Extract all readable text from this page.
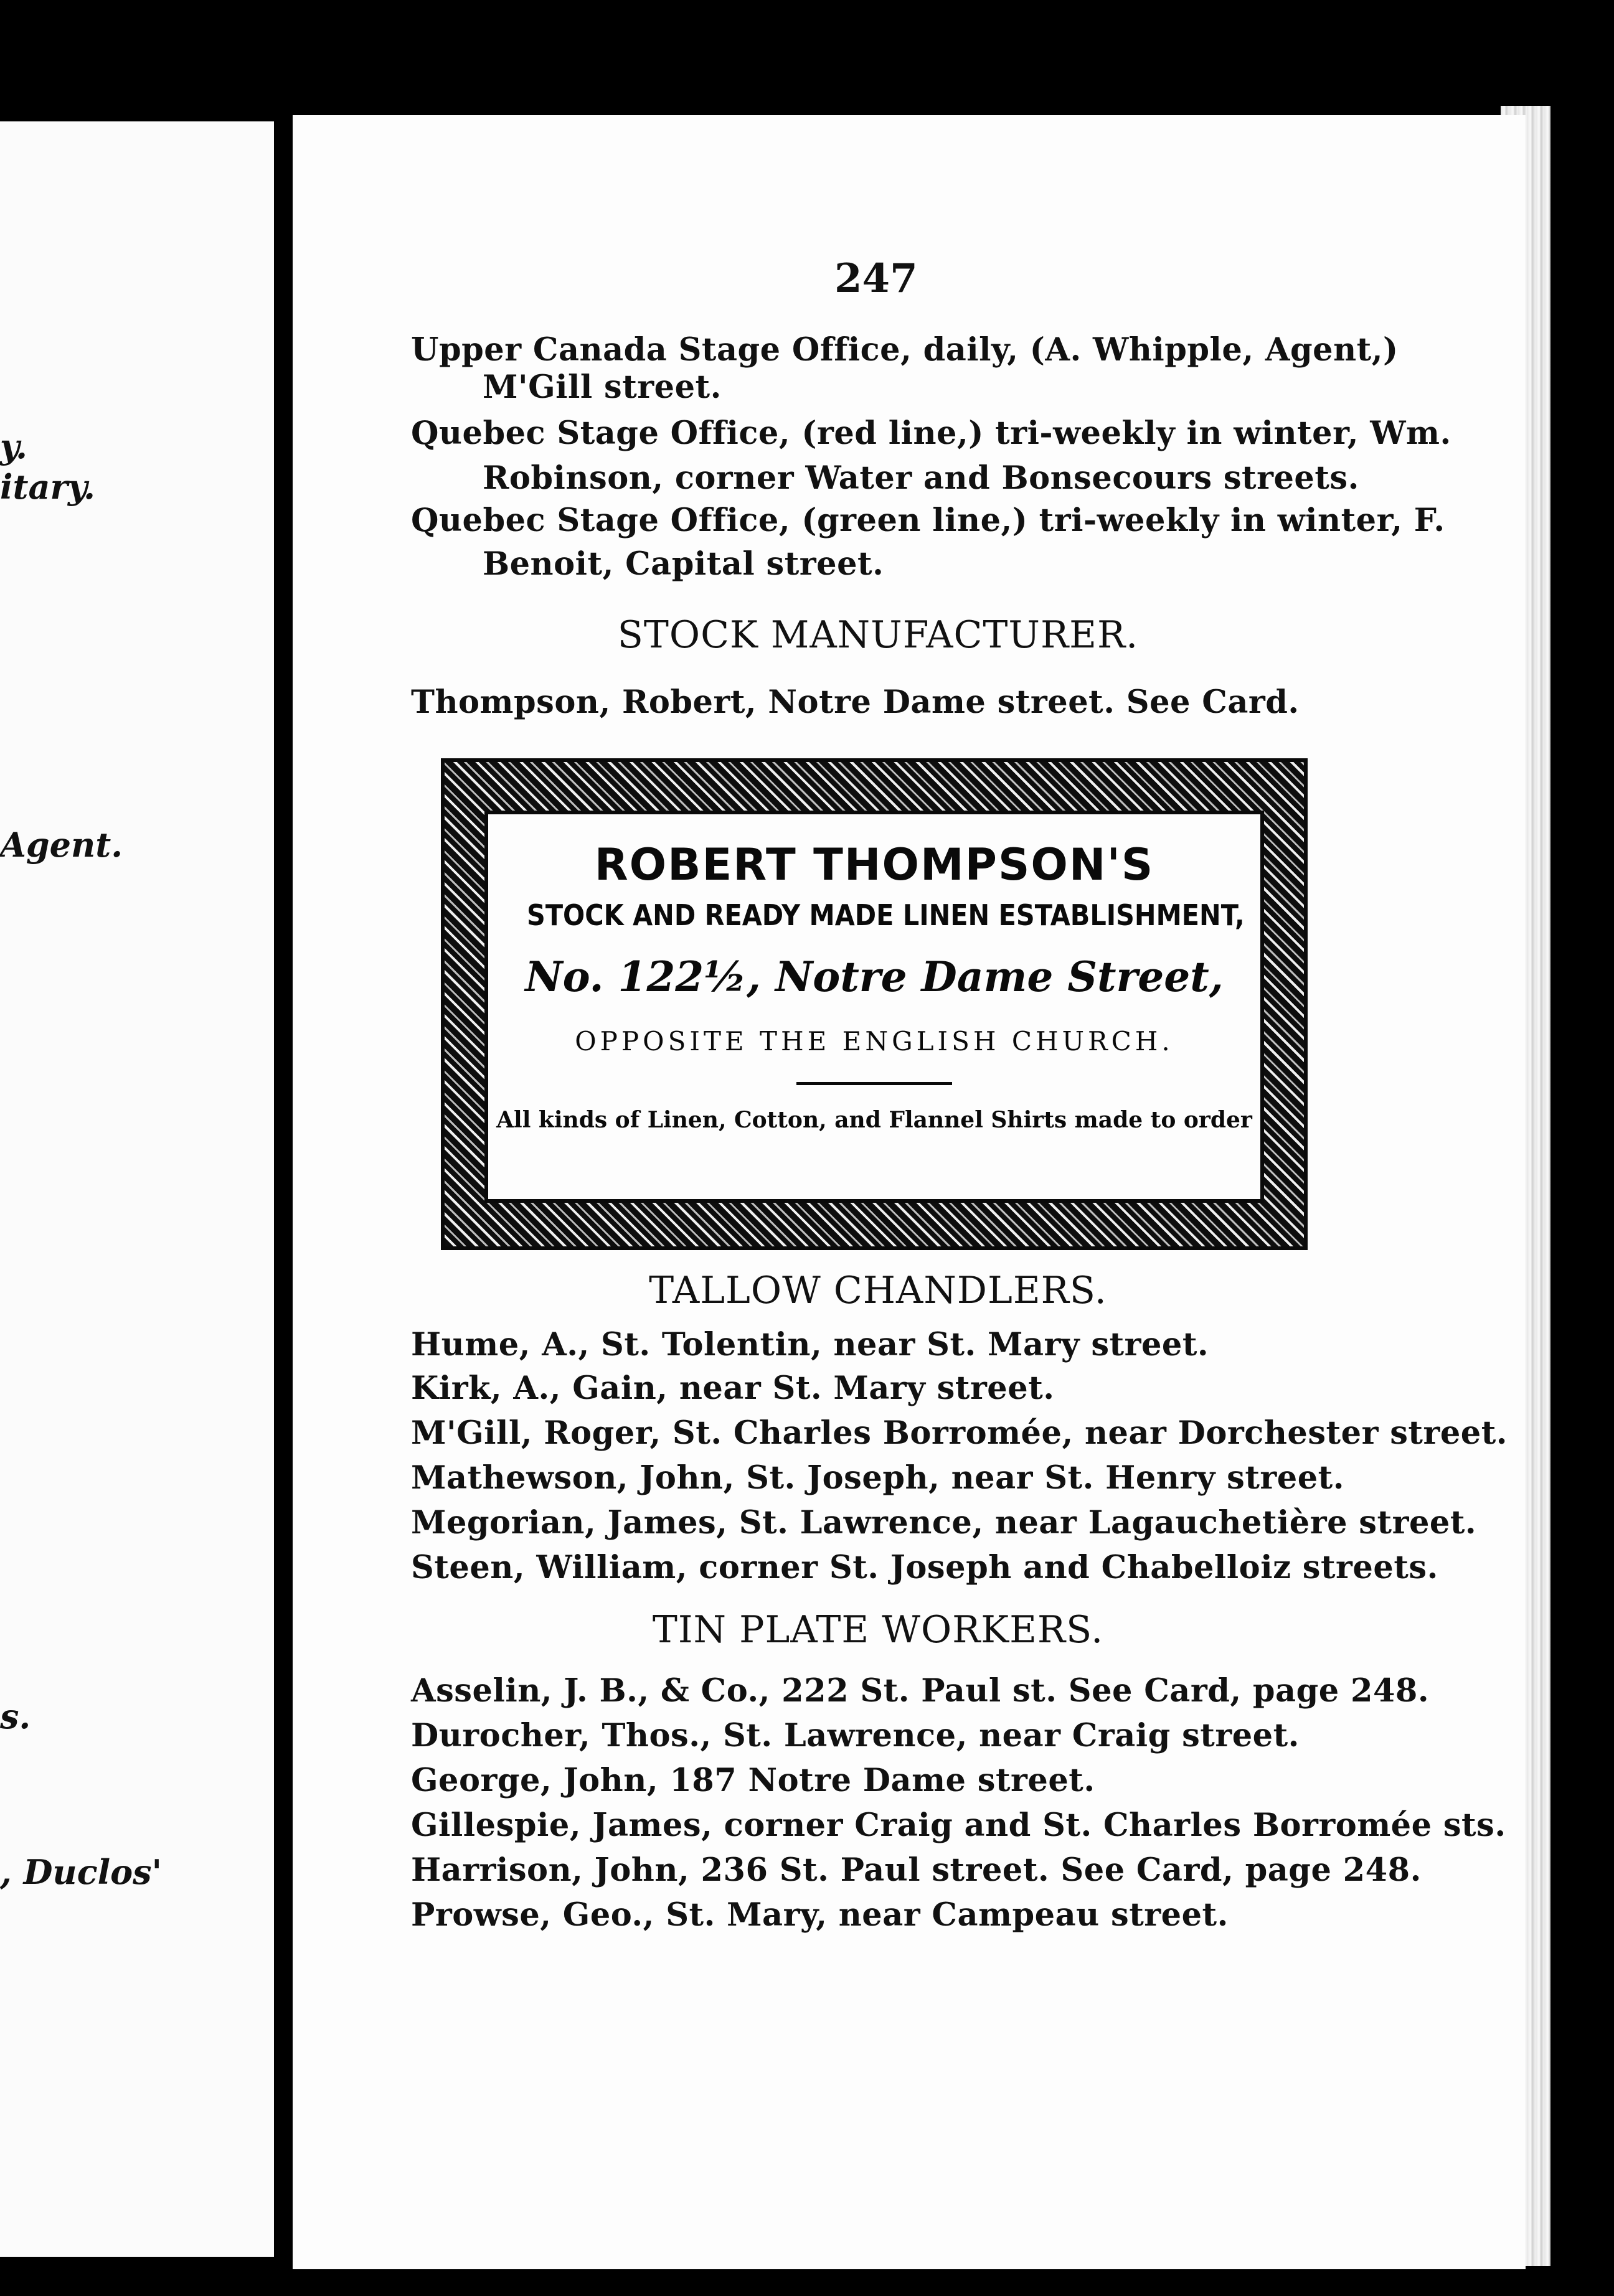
y.
itary.
Agent.
s.
, Duclos'
247
Upper Canada Stage Office, daily, (A. Whipple, Agent,)
M'Gill street.
Quebec Stage Office, (red line,) tri-weekly in winter, Wm.
Robinson, corner Water and Bonsecours streets.
Quebec Stage Office, (green line,) tri-weekly in winter, F.
Benoit, Capital street.
STOCK MANUFACTURER.
Thompson, Robert, Notre Dame street. See Card.
ROBERT THOMPSON'S
STOCK AND READY MADE LINEN ESTABLISHMENT,
No. 122½, Notre Dame Street,
OPPOSITE THE ENGLISH CHURCH.
All kinds of Linen, Cotton, and Flannel Shirts made to order
TALLOW CHANDLERS.
Hume, A., St. Tolentin, near St. Mary street.
Kirk, A., Gain, near St. Mary street.
M'Gill, Roger, St. Charles Borromée, near Dorchester street.
Mathewson, John, St. Joseph, near St. Henry street.
Megorian, James, St. Lawrence, near Lagauchetière street.
Steen, William, corner St. Joseph and Chabelloiz streets.
TIN PLATE WORKERS.
Asselin, J. B., & Co., 222 St. Paul st. See Card, page 248.
Durocher, Thos., St. Lawrence, near Craig street.
George, John, 187 Notre Dame street.
Gillespie, James, corner Craig and St. Charles Borromée sts.
Harrison, John, 236 St. Paul street. See Card, page 248.
Prowse, Geo., St. Mary, near Campeau street.
